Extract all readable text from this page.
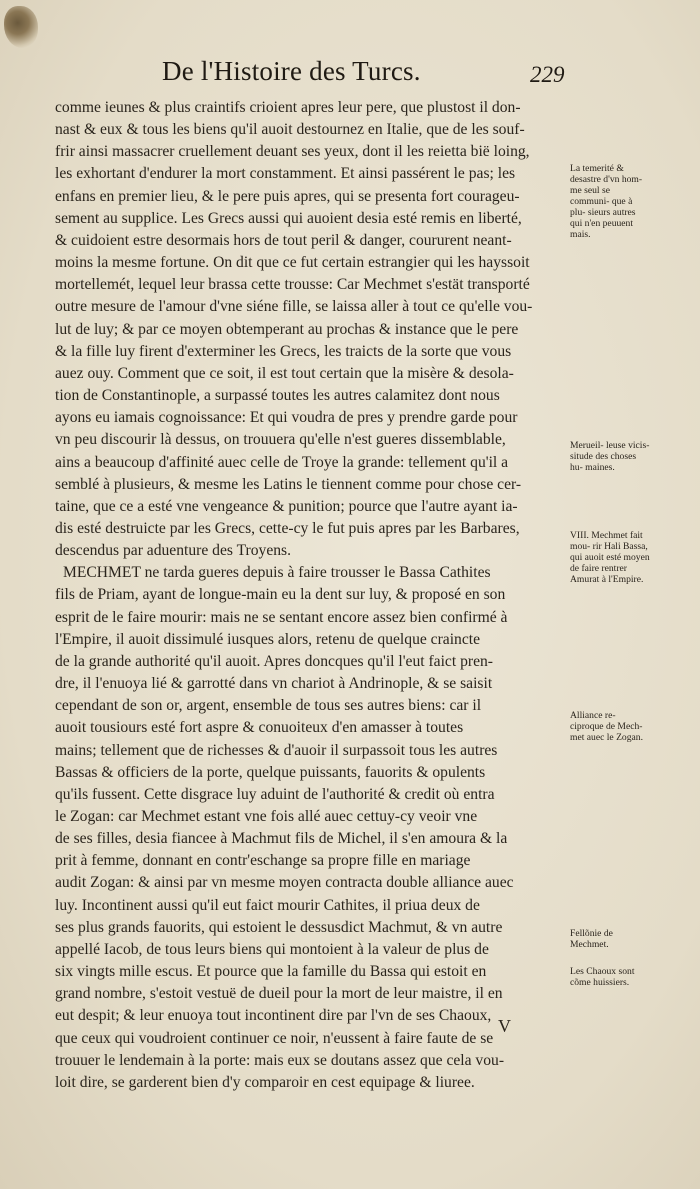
De l'Histoire des Turcs.	229
comme ieunes & plus craintifs crioient apres leur pere, que plustost il don-
nast & eux & tous les biens qu'il auoit destournez en Italie, que de les souf-
frir ainsi massacrer cruellement deuant ses yeux, dont il les reietta bië loing,
les exhortant d'endurer la mort constamment. Et ainsi passérent le pas; les
enfans en premier lieu, & le pere puis apres, qui se presenta fort courageu-
sement au supplice. Les Grecs aussi qui auoient desia esté remis en liberté,
& cuidoient estre desormais hors de tout peril & danger, coururent neant-
moins la mesme fortune. On dit que ce fut certain estrangier qui les hayssoit
mortellemét, lequel leur brassa cette trousse: Car Mechmet s'estät transporté
outre mesure de l'amour d'vne siéne fille, se laissa aller à tout ce qu'elle vou-
lut de luy; & par ce moyen obtemperant au prochas & instance que le pere
& la fille luy firent d'exterminer les Grecs, les traicts de la sorte que vous
auez ouy. Comment que ce soit, il est tout certain que la misère & desola-
tion de Constantinople, a surpassé toutes les autres calamitez dont nous
ayons eu iamais cognoissance: Et qui voudra de pres y prendre garde pour
vn peu discourir là dessus, on trouuera qu'elle n'est gueres dissemblable,
ains a beaucoup d'affinité auec celle de Troye la grande: tellement qu'il a
semblé à plusieurs, & mesme les Latins le tiennent comme pour chose cer-
taine, que ce a esté vne vengeance & punition; pource que l'autre ayant ia-
dis esté destruicte par les Grecs, cette-cy le fut puis apres par les Barbares,
descendus par aduenture des Troyens.
MECHMET ne tarda gueres depuis à faire trousser le Bassa Cathites
fils de Priam, ayant de longue-main eu la dent sur luy, & proposé en son
esprit de le faire mourir: mais ne se sentant encore assez bien confirmé à
l'Empire, il auoit dissimulé iusques alors, retenu de quelque craincte
de la grande authorité qu'il auoit. Apres doncques qu'il l'eut faict pren-
dre, il l'enuoya lié & garrotté dans vn chariot à Andrinople, & se saisit
cependant de son or, argent, ensemble de tous ses autres biens: car il
auoit tousiours esté fort aspre & conuoiteux d'en amasser à toutes
mains; tellement que de richesses & d'auoir il surpassoit tous les autres
Bassas & officiers de la porte, quelque puissants, fauorits & opulents
qu'ils fussent. Cette disgrace luy aduint de l'authorité & credit où entra
le Zogan: car Mechmet estant vne fois allé auec cettuy-cy veoir vne
de ses filles, desia fiancee à Machmut fils de Michel, il s'en amoura & la
prit à femme, donnant en contr'eschange sa propre fille en mariage
audit Zogan: & ainsi par vn mesme moyen contracta double alliance auec
luy. Incontinent aussi qu'il eut faict mourir Cathites, il priua deux de
ses plus grands fauorits, qui estoient le dessusdict Machmut, & vn autre
appellé Iacob, de tous leurs biens qui montoient à la valeur de plus de
six vingts mille escus. Et pource que la famille du Bassa qui estoit en
grand nombre, s'estoit vestuë de dueil pour la mort de leur maistre, il en
eut despit; & leur enuoya tout incontinent dire par l'vn de ses Chaoux,
que ceux qui voudroient continuer ce noir, n'eussent à faire faute de se
trouuer le lendemain à la porte: mais eux se doutans assez que cela vou-
loit dire, se garderent bien d'y comparoir en cest equipage & liuree.
La temerité & desastre d'vn hom- me seul se communi- que à plu- sieurs autres qui n'en peuuent mais.
Merueil- leuse vicis- situde des choses hu- maines.
VIII. Mechmet fait mou- rir Hali Bassa, qui auoit esté moyen de faire rentrer Amurat à l'Empire.
Alliance re- ciproque de Mech- met auec le Zogan.
Fellõnie de Mechmet.
Les Chaoux sont cõme huissiers.
V
